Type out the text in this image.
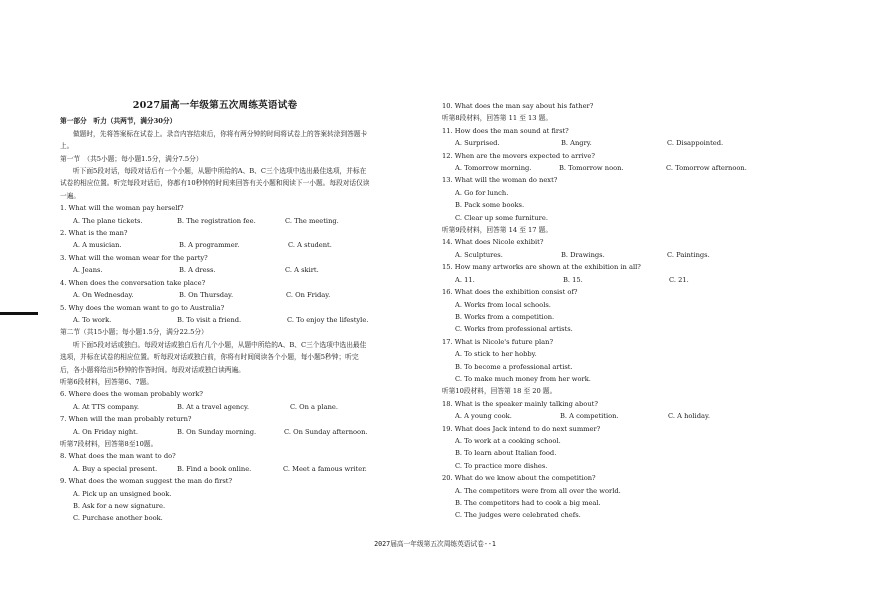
2027届高一年级第五次周练英语试卷
第一部分　听力（共两节，满分30分）
做题时，先将答案标在试卷上。录音内容结束后，你将有两分钟的时间将试卷上的答案转涂到答题卡上。
第一节　（共5小题；每小题1.5分，满分7.5分）
听下面5段对话，每段对话后有一个小题，从题中所给的A、B、C三个选项中选出最佳选项，并标在试卷的相应位置。听完每段对话后，你都有10秒钟的时间来回答有关小题和阅读下一小题。每段对话仅读一遍。
1. What will the woman pay herself?
A. The plane tickets.	B. The registration fee.	C. The meeting.
2. What is the man?
A. A musician.	B. A programmer.	C. A student.
3. What will the woman wear for the party?
A. Jeans.	B. A dress.	C. A skirt.
4. When does the conversation take place?
A. On Wednesday.	B. On Thursday.	C. On Friday.
5. Why does the woman want to go to Australia?
A. To work.	B. To visit a friend.	C. To enjoy the lifestyle.
第二节（共15小题；每小题1.5分，满分22.5分）
听下面5段对话或独白。每段对话或独白后有几个小题，从题中所给的A、B、C三个选项中选出最佳选项，并标在试卷的相应位置。听每段对话或独白前，你将有时间阅读各个小题，每小题5秒钟；听完后，各小题将给出5秒钟的作答时间。每段对话或独白读两遍。
听第6段材料，回答第6、7题。
6. Where does the woman probably work?
A. At TTS company.	B. At a travel agency.	C. On a plane.
7. When will the man probably return?
A. On Friday night.	B. On Sunday morning.	C. On Sunday afternoon.
听第7段材料，回答第8至10题。
8. What does the man want to do?
A. Buy a special present.	B. Find a book online.	C. Meet a famous writer.
9. What does the woman suggest the man do first?
A. Pick up an unsigned book.
B. Ask for a new signature.
C. Purchase another book.
10. What does the man say about his father?
听第8段材料，回答第 11 至 13 题。
11. How does the man sound at first?
A. Surprised.	B. Angry.	C. Disappointed.
12. When are the movers expected to arrive?
A. Tomorrow morning.	B. Tomorrow noon.	C. Tomorrow afternoon.
13. What will the woman do next?
A. Go for lunch.
B. Pack some books.
C. Clear up some furniture.
听第9段材料，回答第 14 至 17 题。
14. What does Nicole exhibit?
A. Sculptures.	B. Drawings.	C. Paintings.
15. How many artworks are shown at the exhibition in all?
A. 11.	B. 15.	C. 21.
16. What does the exhibition consist of?
A. Works from local schools.
B. Works from a competition.
C. Works from professional artists.
17. What is Nicole's future plan?
A. To stick to her hobby.
B. To become a professional artist.
C. To make much money from her work.
听第10段材料，回答第 18 至 20 题。
18. What is the speaker mainly talking about?
A. A young cook.	B. A competition.	C. A holiday.
19. What does Jack intend to do next summer?
A. To work at a cooking school.
B. To learn about Italian food.
C. To practice more dishes.
20. What do we know about the competition?
A. The competitors were from all over the world.
B. The competitors had to cook a big meal.
C. The judges were celebrated chefs.
2027届高一年级第五次周练英语试卷--1
